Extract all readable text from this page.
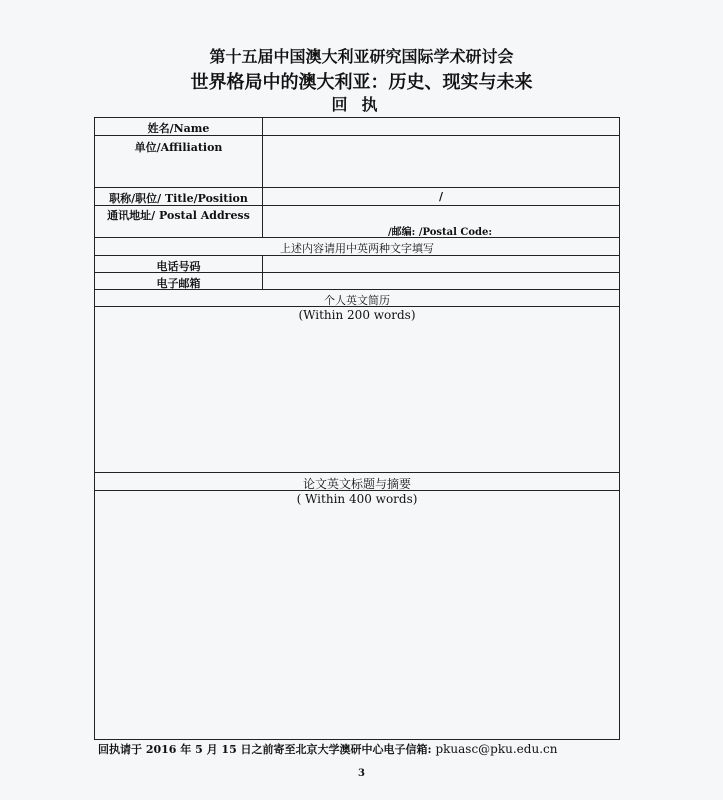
第十五届中国澳大利亚研究国际学术研讨会
世界格局中的澳大利亚：历史、现实与未来
回执
姓名/Name
单位/Affiliation
职称/职位/ Title/Position	/
通讯地址/ Postal Address
/邮编: /Postal Code:
上述内容请用中英两种文字填写
电话号码
电子邮箱
个人英文简历
(Within 200 words)
论文英文标题与摘要
( Within 400 words)
回执请于 2016 年 5 月 15 日之前寄至北京大学澳研中心电子信箱: pkuasc@pku.edu.cn
3
